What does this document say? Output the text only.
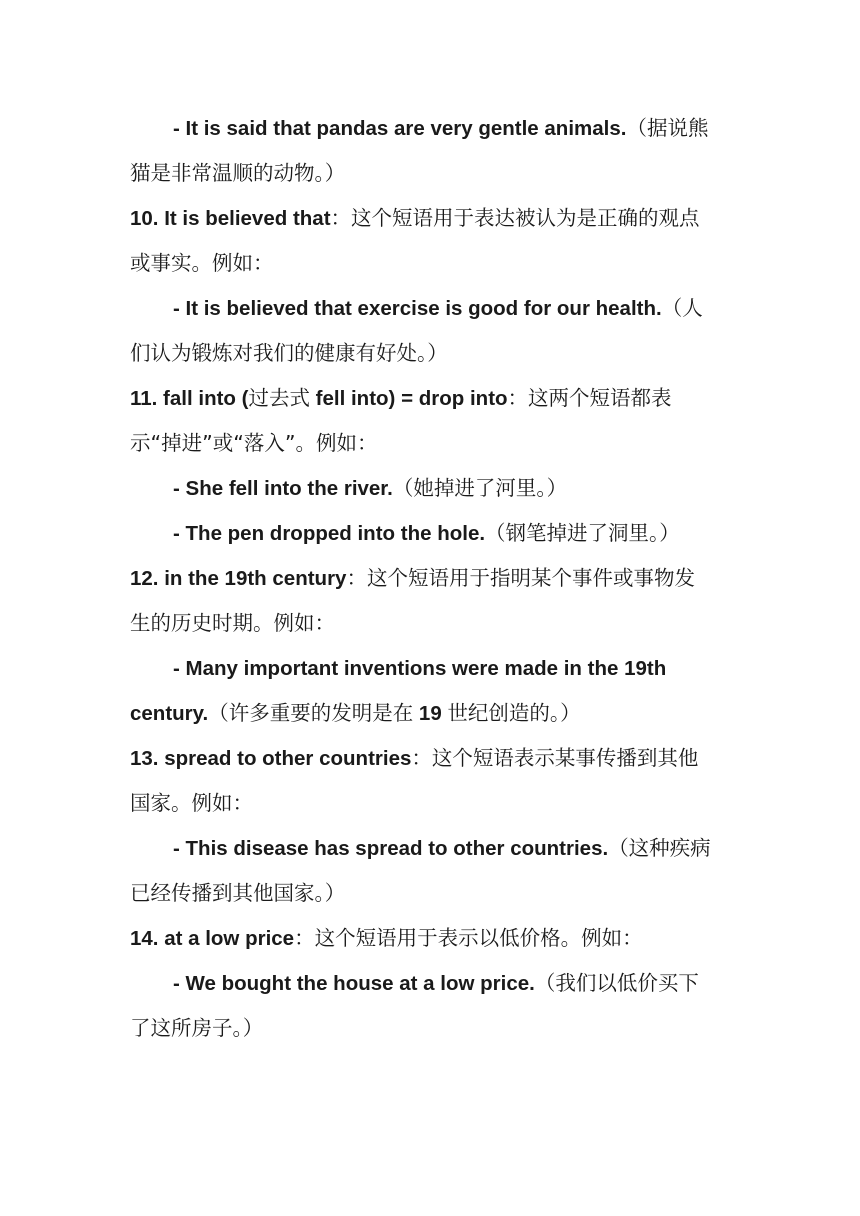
- It is said that pandas are very gentle animals.（据说熊
猫是非常温顺的动物。）
10. It is believed that：这个短语用于表达被认为是正确的观点
或事实。例如：
- It is believed that exercise is good for our health.（人
们认为锻炼对我们的健康有好处。）
11. fall into (过去式 fell into) = drop into：这两个短语都表
示“掉进”或“落入”。例如：
- She fell into the river.（她掉进了河里。）
- The pen dropped into the hole.（钢笔掉进了洞里。）
12. in the 19th century：这个短语用于指明某个事件或事物发
生的历史时期。例如：
- Many important inventions were made in the 19th
century.（许多重要的发明是在 19 世纪创造的。）
13. spread to other countries：这个短语表示某事传播到其他
国家。例如：
- This disease has spread to other countries.（这种疾病
已经传播到其他国家。）
14. at a low price：这个短语用于表示以低价格。例如：
- We bought the house at a low price.（我们以低价买下
了这所房子。）
